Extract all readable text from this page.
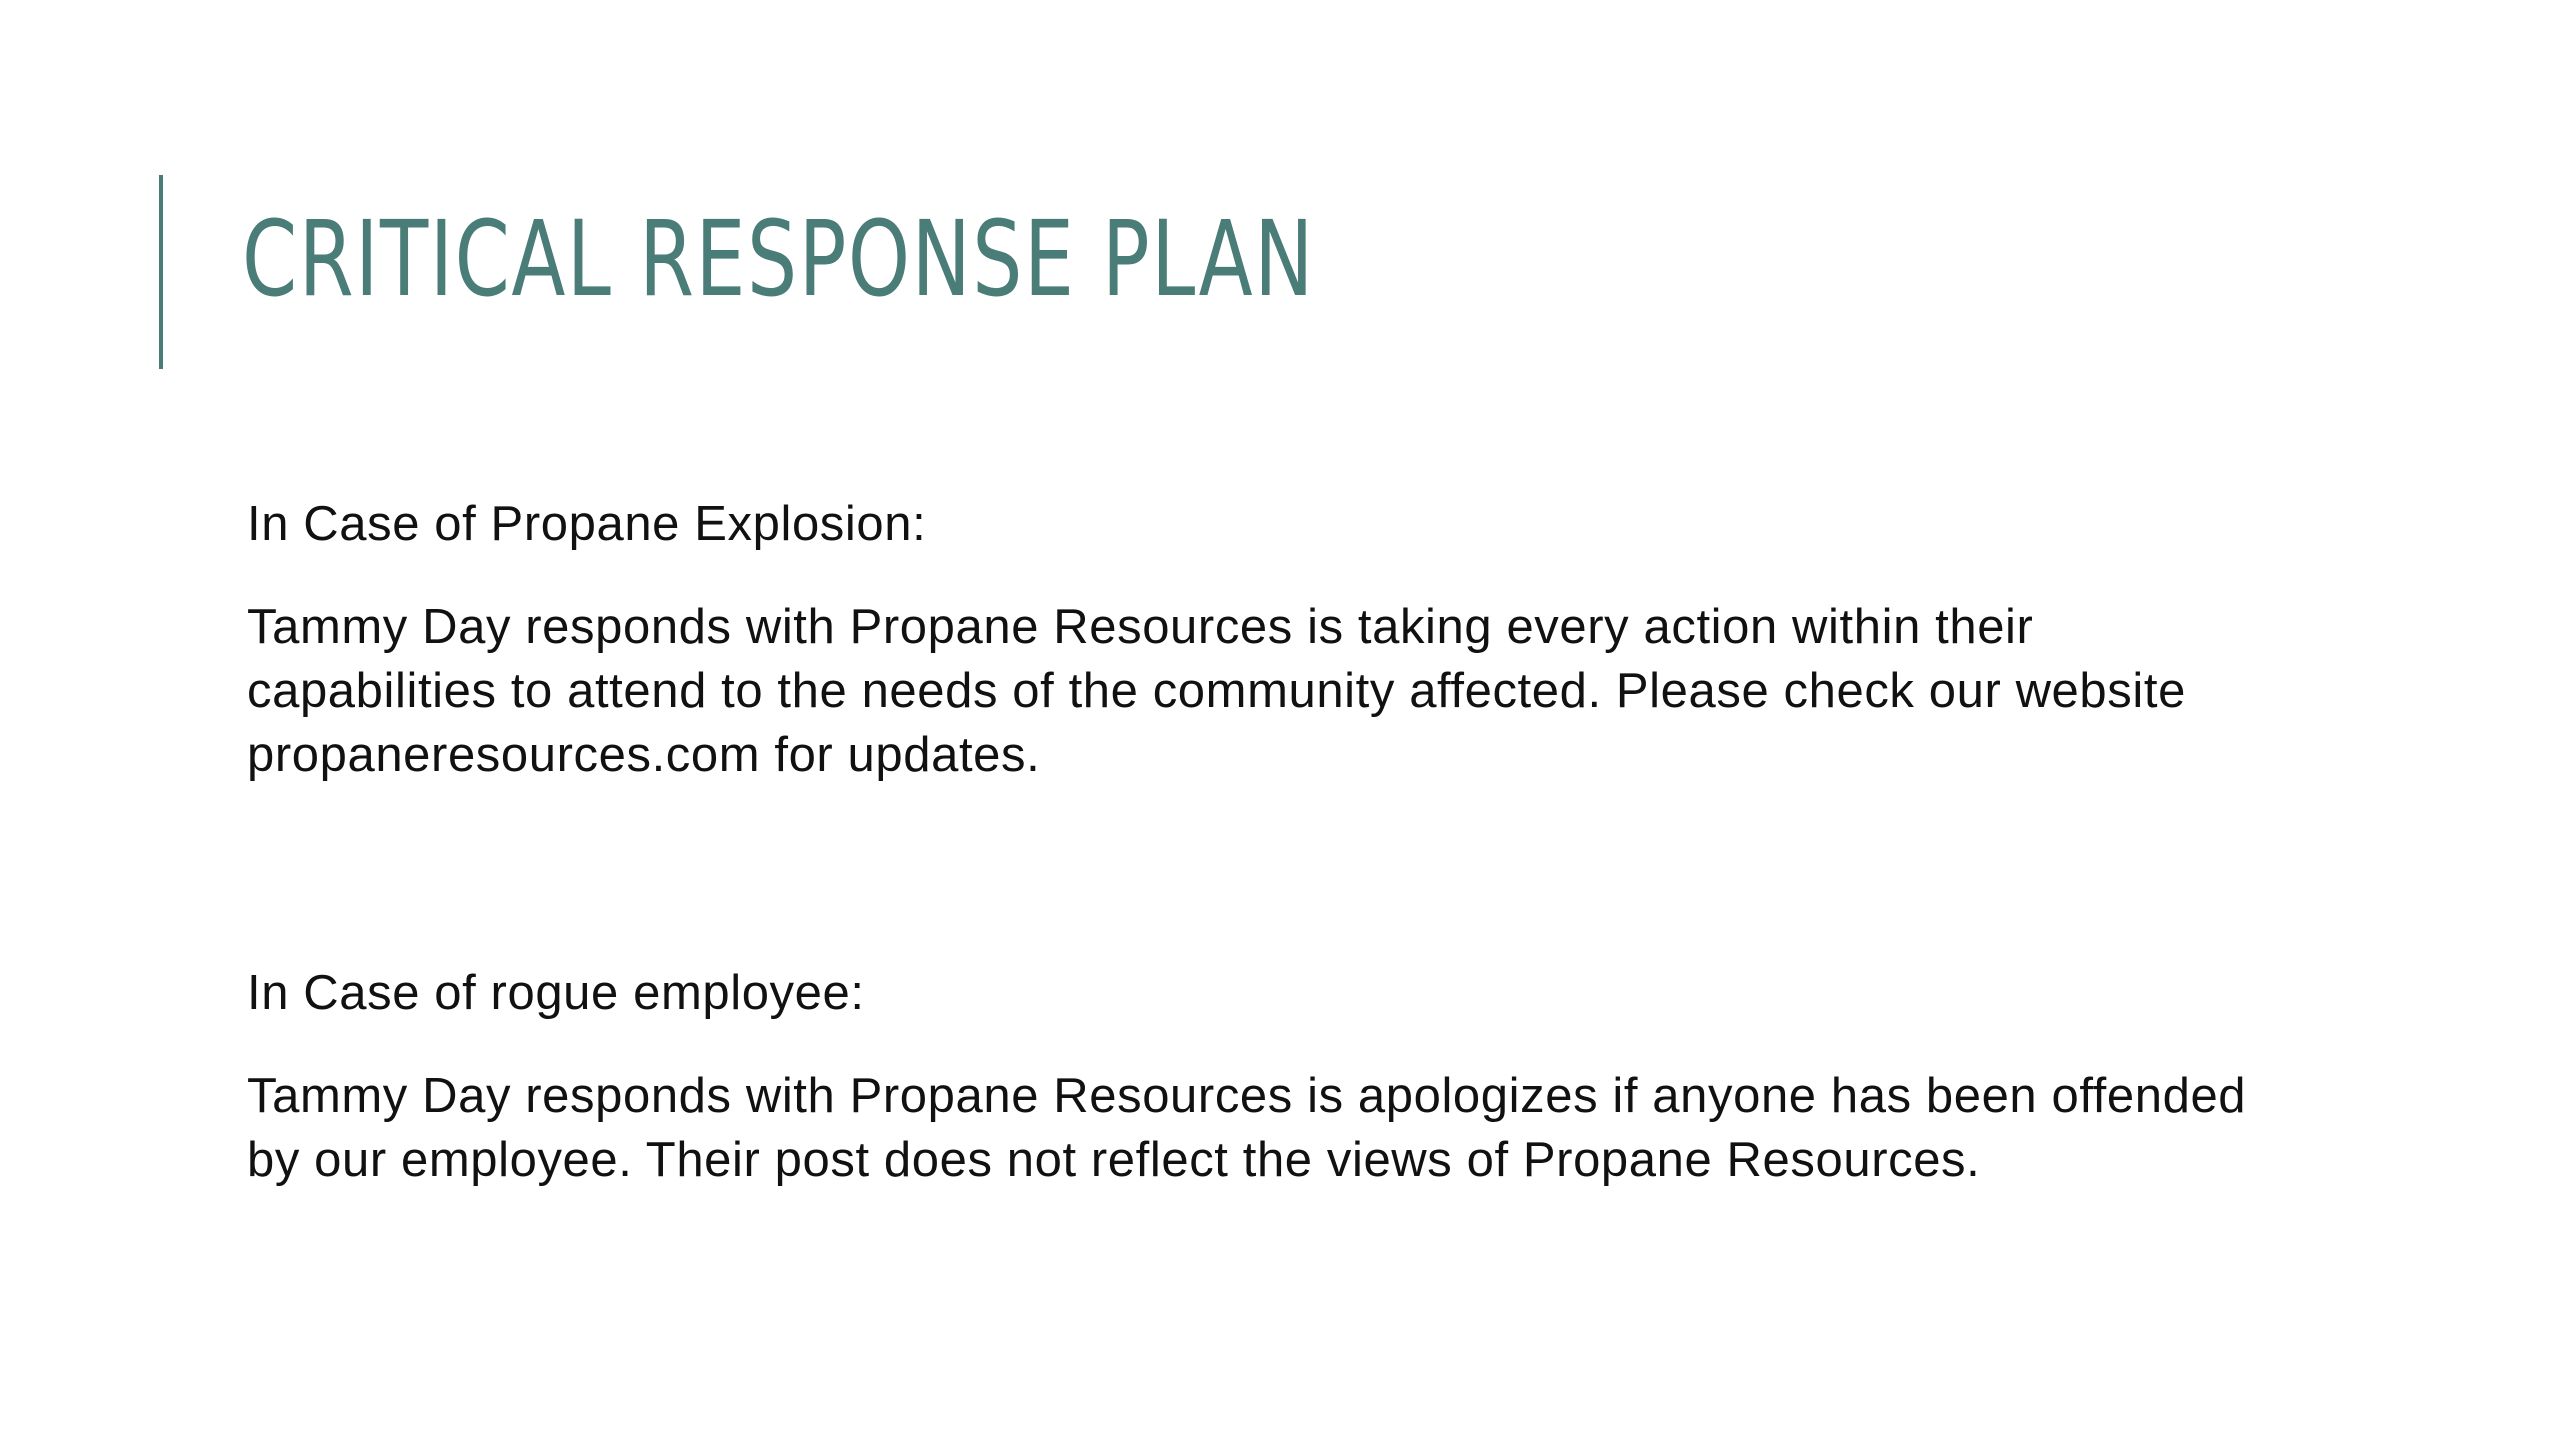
CRITICAL RESPONSE PLAN

In Case of Propane Explosion:

Tammy Day responds with Propane Resources is taking every action within their capabilities to attend to the needs of the community affected. Please check our website propaneresources.com for updates.

In Case of rogue employee:

Tammy Day responds with Propane Resources is apologizes if anyone has been offended by our employee. Their post does not reflect the views of Propane Resources.
